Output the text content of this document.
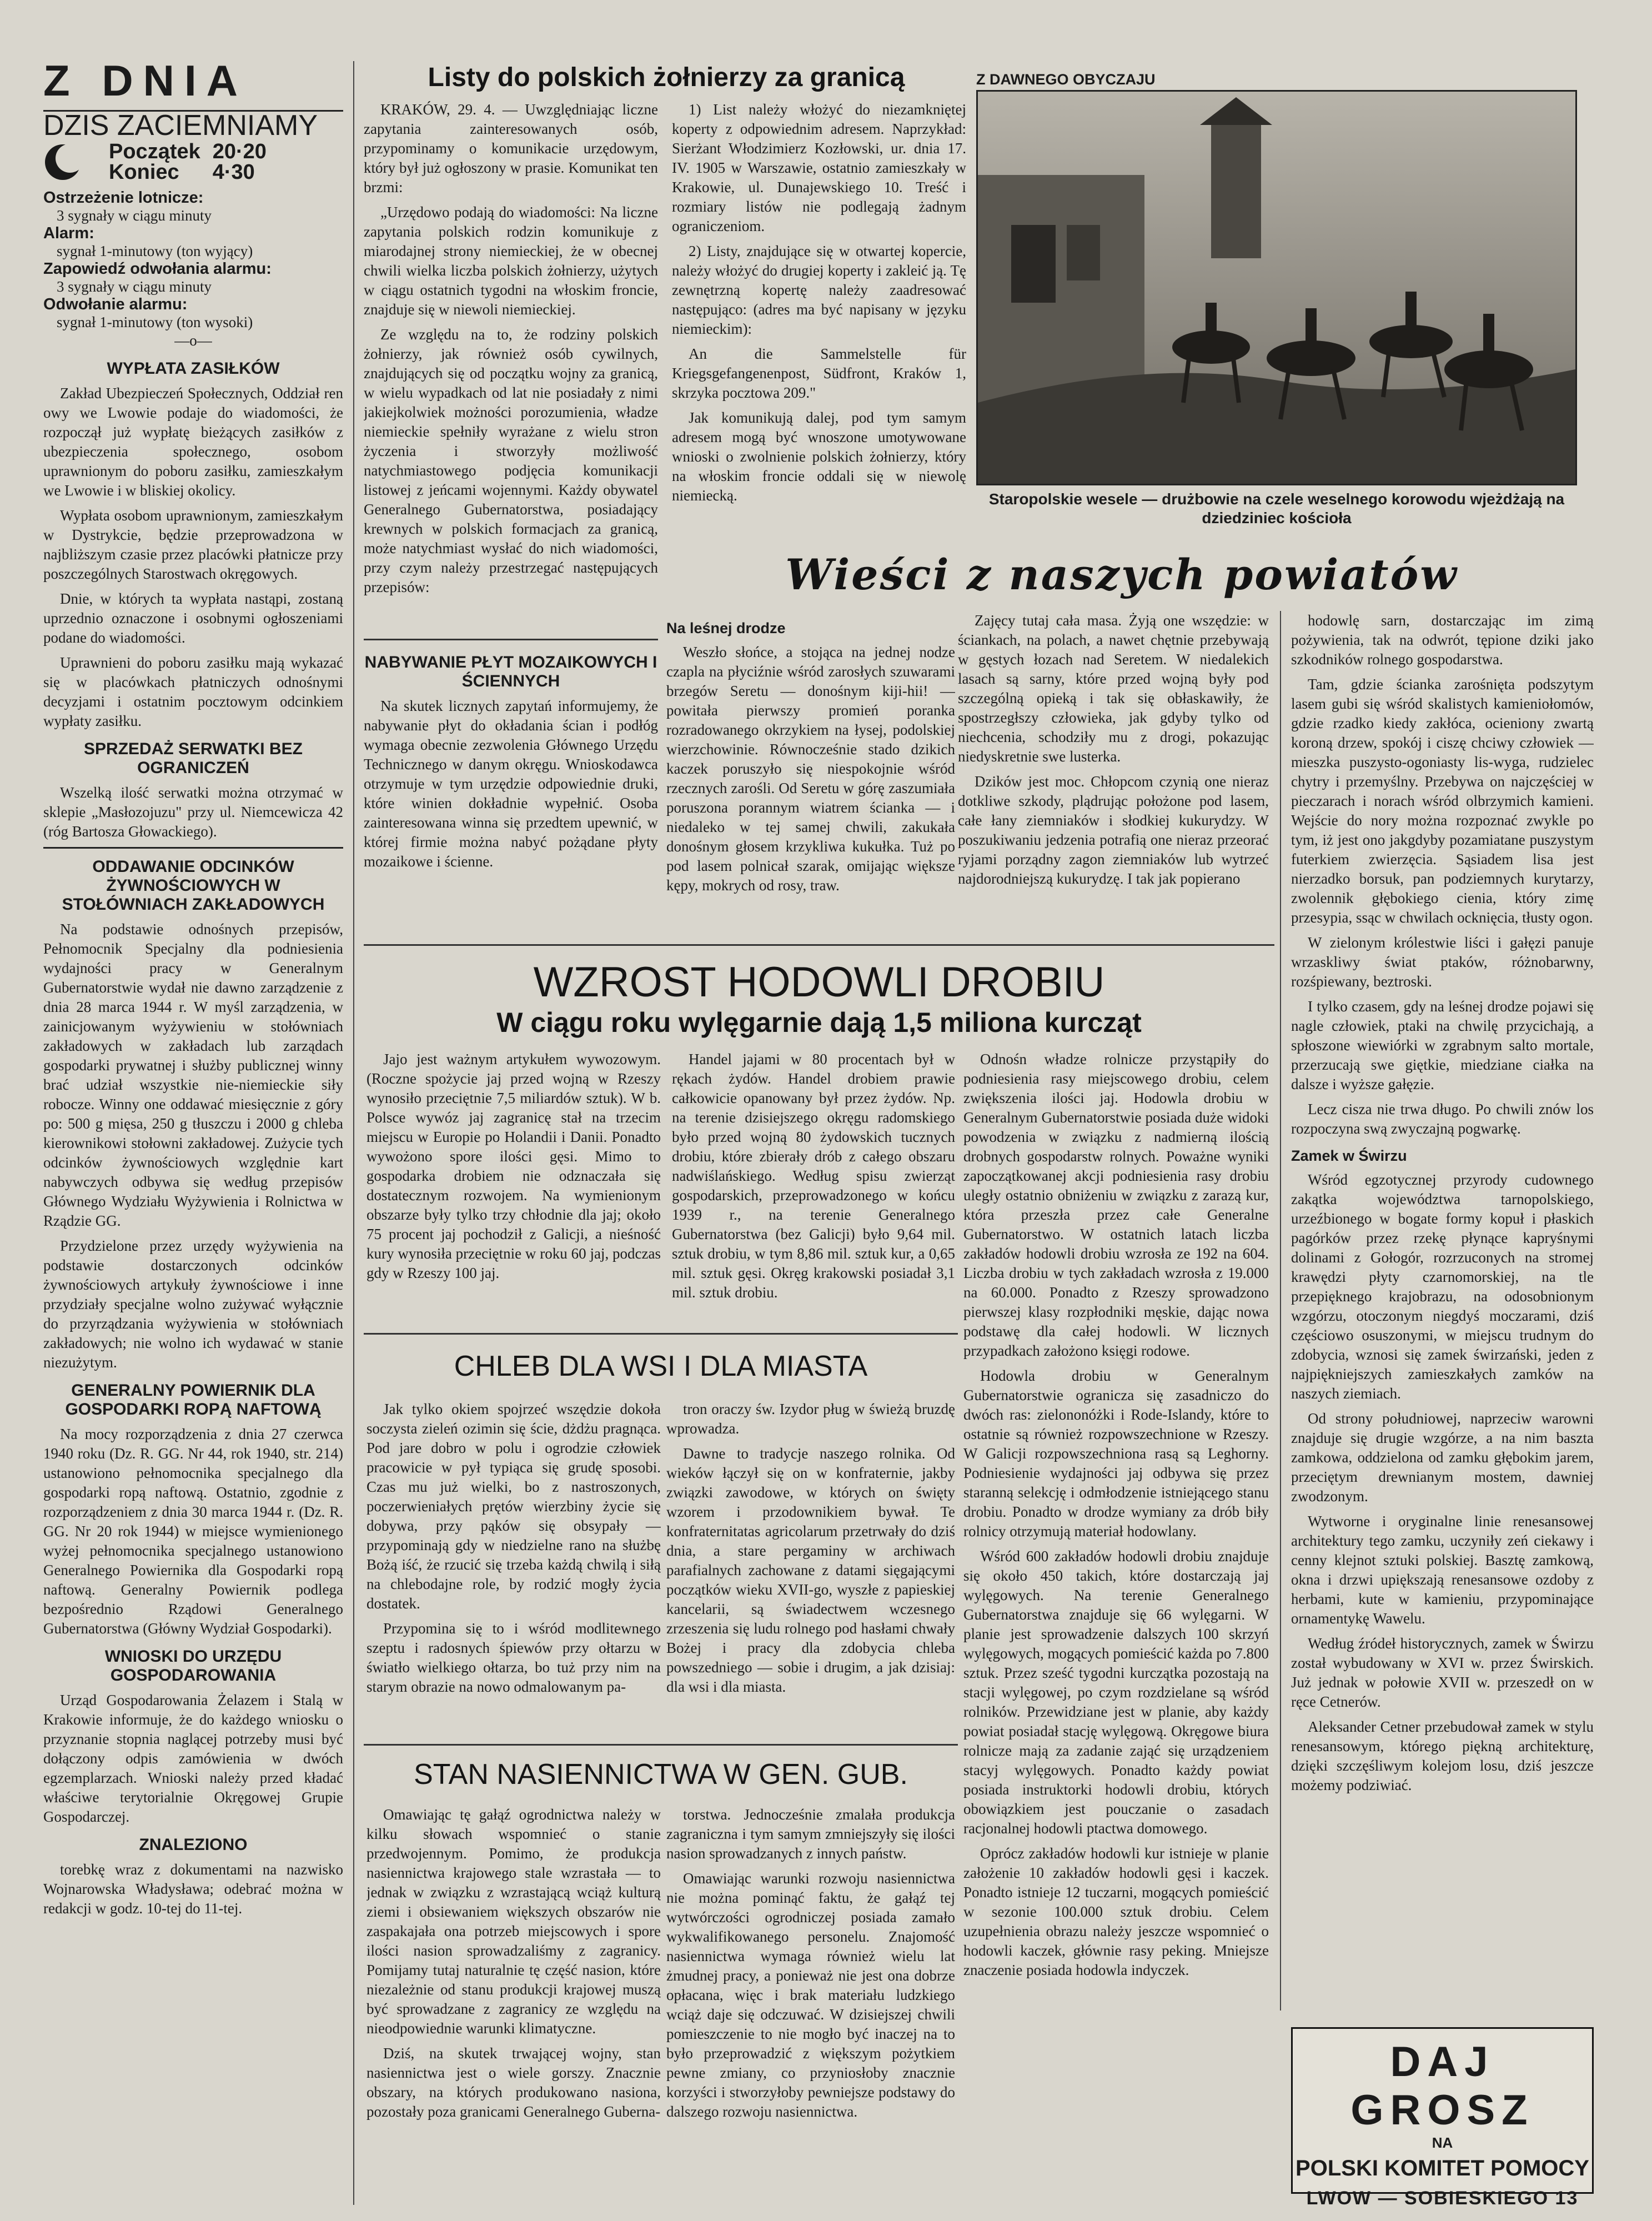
Z DNIA

DZIS ZACIEMNIAMY

Początek	20·20
Koniec	4·30
Ostrzeżenie lotnicze:
3 sygnały w ciągu minuty
Alarm:
sygnał 1-minutowy (ton wyjący)
Zapowiedź odwołania alarmu:
3 sygnały w ciągu minuty
Odwołanie alarmu:
sygnał 1-minutowy (ton wysoki)
—o—
WYPŁATA ZASIŁKÓW

Zakład Ubezpieczeń Społecznych, Oddział ren owy we Lwowie podaje do wiadomości, że rozpoczął już wypłatę bieżących zasiłków z ubezpieczenia społecznego, osobom uprawnionym do poboru zasiłku, zamieszkałym we Lwowie i w bliskiej okolicy.

Wypłata osobom uprawnionym, zamieszkałym w Dystrykcie, będzie przeprowadzona w najbliższym czasie przez placówki płatnicze przy poszczególnych Starostwach okręgowych.

Dnie, w których ta wypłata nastąpi, zostaną uprzednio oznaczone i osobnymi ogłoszeniami podane do wiadomości.

Uprawnieni do poboru zasiłku mają wykazać się w placówkach płatniczych odnośnymi decyzjami i ostatnim pocztowym odcinkiem wypłaty zasiłku.

SPRZEDAŻ SERWATKI BEZ OGRANICZEŃ

Wszelką ilość serwatki można otrzymać w sklepie „Masłozojuzu" przy ul. Niemcewicza 42 (róg Bartosza Głowackiego).

ODDAWANIE ODCINKÓW ŻYWNOŚCIOWYCH W STOŁÓWNIACH ZAKŁADOWYCH

Na podstawie odnośnych przepisów, Pełnomocnik Specjalny dla podniesienia wydajności pracy w Generalnym Gubernatorstwie wydał nie dawno zarządzenie z dnia 28 marca 1944 r. W myśl zarządzenia, w zainicjowanym wyżywieniu w stołówniach zakładowych w zakładach lub zarządach gospodarki prywatnej i służby publicznej winny brać udział wszystkie nie-niemieckie siły robocze. Winny one oddawać miesięcznie z góry po: 500 g mięsa, 250 g tłuszczu i 2000 g chleba kierownikowi stołowni zakładowej. Zużycie tych odcinków żywnościowych względnie kart nabywczych odbywa się według przepisów Głównego Wydziału Wyżywienia i Rolnictwa w Rządzie GG.

Przydzielone przez urzędy wyżywienia na podstawie dostarczonych odcinków żywnościowych artykuły żywnościowe i inne przydziały specjalne wolno zużywać wyłącznie do przyrządzania wyżywienia w stołówniach zakładowych; nie wolno ich wydawać w stanie niezużytym.

GENERALNY POWIERNIK DLA GOSPODARKI ROPĄ NAFTOWĄ

Na mocy rozporządzenia z dnia 27 czerwca 1940 roku (Dz. R. GG. Nr 44, rok 1940, str. 214) ustanowiono pełnomocnika specjalnego dla gospodarki ropą naftową. Ostatnio, zgodnie z rozporządzeniem z dnia 30 marca 1944 r. (Dz. R. GG. Nr 20 rok 1944) w miejsce wymienionego wyżej pełnomocnika specjalnego ustanowiono Generalnego Powiernika dla Gospodarki ropą naftową. Generalny Powiernik podlega bezpośrednio Rządowi Generalnego Gubernatorstwa (Główny Wydział Gospodarki).

WNIOSKI DO URZĘDU GOSPODAROWANIA

Urząd Gospodarowania Żelazem i Stalą w Krakowie informuje, że do każdego wniosku o przyznanie stopnia naglącej potrzeby musi być dołączony odpis zamówienia w dwóch egzemplarzach. Wnioski należy przed kładać właściwe terytorialnie Okręgowej Grupie Gospodarczej.

ZNALEZIONO

torebkę wraz z dokumentami na nazwisko Wojnarowska Władysława; odebrać można w redakcji w godz. 10-tej do 11-tej.

Listy do polskich żołnierzy za granicą

KRAKÓW, 29. 4. — Uwzględniając liczne zapytania zainteresowanych osób, przypominamy o komunikacie urzędowym, który był już ogłoszony w prasie. Komunikat ten brzmi:

„Urzędowo podają do wiadomości: Na liczne zapytania polskich rodzin komunikuje z miarodajnej strony niemieckiej, że w obecnej chwili wielka liczba polskich żołnierzy, użytych w ciągu ostatnich tygodni na włoskim froncie, znajduje się w niewoli niemieckiej.

Ze względu na to, że rodziny polskich żołnierzy, jak również osób cywilnych, znajdujących się od początku wojny za granicą, w wielu wypadkach od lat nie posiadały z nimi jakiejkolwiek możności porozumienia, władze niemieckie spełniły wyrażane z wielu stron życzenia i stworzyły możliwość natychmiastowego podjęcia komunikacji listowej z jeńcami wojennymi. Każdy obywatel Generalnego Gubernatorstwa, posiadający krewnych w polskich formacjach za granicą, może natychmiast wysłać do nich wiadomości, przy czym należy przestrzegać następujących przepisów:

1) List należy włożyć do niezamkniętej koperty z odpowiednim adresem. Naprzykład: Sierżant Włodzimierz Kozłowski, ur. dnia 17. IV. 1905 w Warszawie, ostatnio zamieszkały w Krakowie, ul. Dunajewskiego 10. Treść i rozmiary listów nie podlegają żadnym ograniczeniom.

2) Listy, znajdujące się w otwartej kopercie, należy włożyć do drugiej koperty i zakleić ją. Tę zewnętrzną kopertę należy zaadresować następująco: (adres ma być napisany w języku niemieckim):

An die Sammelstelle für Kriegsgefangenenpost, Südfront, Kraków 1, skrzyka pocztowa 209."

Jak komunikują dalej, pod tym samym adresem mogą być wnoszone umotywowane wnioski o zwolnienie polskich żołnierzy, który na włoskim froncie oddali się w niewolę niemiecką.

NABYWANIE PŁYT MOZAIKOWYCH I ŚCIENNYCH

Na skutek licznych zapytań informujemy, że nabywanie płyt do okładania ścian i podłóg wymaga obecnie zezwolenia Głównego Urzędu Technicznego w danym okręgu. Wnioskodawca otrzymuje w tym urzędzie odpowiednie druki, które winien dokładnie wypełnić. Osoba zainteresowana winna się przedtem upewnić, w której firmie można nabyć pożądane płyty mozaikowe i ścienne.

Z DAWNEGO OBYCZAJU
Staropolskie wesele — drużbowie na czele weselnego korowodu wjeżdżają na dziedziniec kościoła
Wieści z naszych powiatów
Na leśnej drodze

Weszło słońce, a stojąca na jednej nodze czapla na płyciźnie wśród zarosłych szuwarami brzegów Seretu — donośnym kiji-hii! — powitała pierwszy promień poranka rozradowanego okrzykiem na łysej, podolskiej wierzchowinie. Równocześnie stado dzikich kaczek poruszyło się niespokojnie wśród rzecznych zarośli. Od Seretu w górę zaszumiała poruszona porannym wiatrem ścianka — i niedaleko w tej samej chwili, zakukała donośnym głosem krzykliwa kukułka. Tuż po pod lasem polnicał szarak, omijając większe kępy, mokrych od rosy, traw.

Zajęcy tutaj cała masa. Żyją one wszędzie: w ściankach, na polach, a nawet chętnie przebywają w gęstych łozach nad Seretem. W niedalekich lasach są sarny, które przed wojną były pod szczególną opieką i tak się obłaskawiły, że spostrzegłszy człowieka, jak gdyby tylko od niechcenia, schodziły mu z drogi, pokazując niedyskretnie swe lusterka.

Dzików jest moc. Chłopcom czynią one nieraz dotkliwe szkody, plądrując położone pod lasem, całe łany ziemniaków i słodkiej kukurydzy. W poszukiwaniu jedzenia potrafią one nieraz przeorać ryjami porządny zagon ziemniaków lub wytrzeć najdorodniejszą kukurydzę. I tak jak popierano

hodowlę sarn, dostarczając im zimą pożywienia, tak na odwrót, tępione dziki jako szkodników rolnego gospodarstwa.

Tam, gdzie ścianka zarośnięta podszytym lasem gubi się wśród skalistych kamieniołomów, gdzie rzadko kiedy zakłóca, ocieniony zwartą koroną drzew, spokój i ciszę chciwy człowiek — mieszka puszysto-ogoniasty lis-wyga, rudzielec chytry i przemyślny. Przebywa on najczęściej w pieczarach i norach wśród olbrzymich kamieni. Wejście do nory można rozpoznać zwykle po tym, iż jest ono jakgdyby pozamiatane puszystym futerkiem zwierzęcia. Sąsiadem lisa jest nierzadko borsuk, pan podziemnych kurytarzy, zwolennik głębokiego cienia, który zimę przesypia, ssąc w chwilach ocknięcia, tłusty ogon.

W zielonym królestwie liści i gałęzi panuje wrzaskliwy świat ptaków, różnobarwny, rozśpiewany, beztroski.

I tylko czasem, gdy na leśnej drodze pojawi się nagle człowiek, ptaki na chwilę przycichają, a spłoszone wiewiórki w zgrabnym salto mortale, przerzucają swe giętkie, miedziane ciałka na dalsze i wyższe gałęzie.

Lecz cisza nie trwa długo. Po chwili znów los rozpoczyna swą zwyczajną pogwarkę.

Zamek w Świrzu

Wśród egzotycznej przyrody cudownego zakątka województwa tarnopolskiego, urzeźbionego w bogate formy kopuł i płaskich pagórków przez rzekę płynące kapryśnymi dolinami z Gołogór, rozrzuconych na stromej krawędzi płyty czarnomorskiej, na tle przepięknego krajobrazu, na odosobnionym wzgórzu, otoczonym niegdyś moczarami, dziś częściowo osuszonymi, w miejscu trudnym do zdobycia, wznosi się zamek świrzański, jeden z najpiękniejszych zamieszkałych zamków na naszych ziemiach.

Od strony południowej, naprzeciw warowni znajduje się drugie wzgórze, a na nim baszta zamkowa, oddzielona od zamku głębokim jarem, przeciętym drewnianym mostem, dawniej zwodzonym.

Wytworne i oryginalne linie renesansowej architektury tego zamku, uczyniły zeń ciekawy i cenny klejnot sztuki polskiej. Basztę zamkową, okna i drzwi upiększają renesansowe ozdoby z herbami, kute w kamieniu, przypominające ornamentykę Wawelu.

Według źródeł historycznych, zamek w Świrzu został wybudowany w XVI w. przez Świrskich. Już jednak w połowie XVII w. przeszedł on w ręce Cetnerów.

Aleksander Cetner przebudował zamek w stylu renesansowym, którego piękną architekturę, dzięki szczęśliwym kolejom losu, dziś jeszcze możemy podziwiać.

WZROST HODOWLI DROBIU
W ciągu roku wylęgarnie dają 1,5 miliona kurcząt

Jajo jest ważnym artykułem wywozowym. (Roczne spożycie jaj przed wojną w Rzeszy wynosiło przeciętnie 7,5 miliardów sztuk). W b. Polsce wywóz jaj zagranicę stał na trzecim miejscu w Europie po Holandii i Danii. Ponadto wywożono spore ilości gęsi. Mimo to gospodarka drobiem nie odznaczała się dostatecznym rozwojem. Na wymienionym obszarze były tylko trzy chłodnie dla jaj; około 75 procent jaj pochodził z Galicji, a nieśność kury wynosiła przeciętnie w roku 60 jaj, podczas gdy w Rzeszy 100 jaj.

Handel jajami w 80 procentach był w rękach żydów. Handel drobiem prawie całkowicie opanowany był przez żydów. Np. na terenie dzisiejszego okręgu radomskiego było przed wojną 80 żydowskich tucznych drobiu, które zbierały drób z całego obszaru nadwiślańskiego. Według spisu zwierząt gospodarskich, przeprowadzonego w końcu 1939 r., na terenie Generalnego Gubernatorstwa (bez Galicji) było 9,64 mil. sztuk drobiu, w tym 8,86 mil. sztuk kur, a 0,65 mil. sztuk gęsi. Okręg krakowski posiadał 3,1 mil. sztuk drobiu.

Odnośn władze rolnicze przystąpiły do podniesienia rasy miejscowego drobiu, celem zwiększenia ilości jaj. Hodowla drobiu w Generalnym Gubernatorstwie posiada duże widoki powodzenia w związku z nadmierną ilością drobnych gospodarstw rolnych. Poważne wyniki zapoczątkowanej akcji podniesienia rasy drobiu uległy ostatnio obniżeniu w związku z zarazą kur, która przeszła przez całe Generalne Gubernatorstwo. W ostatnich latach liczba zakładów hodowli drobiu wzrosła ze 192 na 604. Liczba drobiu w tych zakładach wzrosła z 19.000 na 60.000. Ponadto z Rzeszy sprowadzono pierwszej klasy rozpłodniki męskie, dając nowa podstawę dla całej hodowli. W licznych przypadkach założono księgi rodowe.

Hodowla drobiu w Generalnym Gubernatorstwie ogranicza się zasadniczo do dwóch ras: zielononóżki i Rode-Islandy, które to ostatnie są również rozpowszechnione w Rzeszy. W Galicji rozpowszechniona rasą są Leghorny. Podniesienie wydajności jaj odbywa się przez staranną selekcję i odmłodzenie istniejącego stanu drobiu. Ponadto w drodze wymiany za drób biły rolnicy otrzymują materiał hodowlany.

Wśród 600 zakładów hodowli drobiu znajduje się około 450 takich, które dostarczają jaj wylęgowych. Na terenie Generalnego Gubernatorstwa znajduje się 66 wylęgarni. W planie jest sprowadzenie dalszych 100 skrzyń wylęgowych, mogących pomieścić każda po 7.800 sztuk. Przez sześć tygodni kurczątka pozostają na stacji wylęgowej, po czym rozdzielane są wśród rolników. Przewidziane jest w planie, aby każdy powiat posiadał stację wylęgową. Okręgowe biura rolnicze mają za zadanie zająć się urządzeniem stacyj wylęgowych. Ponadto każdy powiat posiada instruktorki hodowli drobiu, których obowiązkiem jest pouczanie o zasadach racjonalnej hodowli ptactwa domowego.

Oprócz zakładów hodowli kur istnieje w planie założenie 10 zakładów hodowli gęsi i kaczek. Ponadto istnieje 12 tuczarni, mogących pomieścić w sezonie 100.000 sztuk drobiu. Celem uzupełnienia obrazu należy jeszcze wspomnieć o hodowli kaczek, głównie rasy peking. Mniejsze znaczenie posiada hodowla indyczek.

CHLEB DLA WSI I DLA MIASTA

Jak tylko okiem spojrzeć wszędzie dokoła soczysta zieleń ozimin się ście, dżdżu pragnąca. Pod jare dobro w polu i ogrodzie człowiek pracowicie w pył typiąca się grudę sposobi. Czas mu już wielki, bo z nastroszonych, poczerwieniałych prętów wierzbiny życie się dobywa, przy pąków się obsypały — przypominają gdy w niedzielne rano na służbę Bożą iść, że rzucić się trzeba każdą chwilą i siłą na chlebodajne role, by rodzić mogły życia dostatek.

Przypomina się to i wśród modlitewnego szeptu i radosnych śpiewów przy ołtarzu w światło wielkiego ołtarza, bo tuż przy nim na starym obrazie na nowo odmalowanym pa-

tron oraczy św. Izydor pług w świeżą bruzdę wprowadza.

Dawne to tradycje naszego rolnika. Od wieków łączył się on w konfraternie, jakby związki zawodowe, w których on święty wzorem i przodownikiem bywał. Te konfraternitatas agricolarum przetrwały do dziś dnia, a stare pergaminy w archiwach parafialnych zachowane z datami sięgającymi początków wieku XVII-go, wyszłe z papieskiej kancelarii, są świadectwem wczesnego zrzeszenia się ludu rolnego pod hasłami chwały Bożej i pracy dla zdobycia chleba powszedniego — sobie i drugim, a jak dzisiaj: dla wsi i dla miasta.

STAN NASIENNICTWA W GEN. GUB.

Omawiając tę gałąź ogrodnictwa należy w kilku słowach wspomnieć o stanie przedwojennym. Pomimo, że produkcja nasiennictwa krajowego stale wzrastała — to jednak w związku z wzrastającą wciąż kulturą ziemi i obsiewaniem większych obszarów nie zaspakajała ona potrzeb miejscowych i spore ilości nasion sprowadzaliśmy z zagranicy. Pomijamy tutaj naturalnie tę część nasion, które niezależnie od stanu produkcji krajowej muszą być sprowadzane z zagranicy ze względu na nieodpowiednie warunki klimatyczne.

Dziś, na skutek trwającej wojny, stan nasiennictwa jest o wiele gorszy. Znacznie obszary, na których produkowano nasiona, pozostały poza granicami Generalnego Guberna-

torstwa. Jednocześnie zmalała produkcja zagraniczna i tym samym zmniejszyły się ilości nasion sprowadzanych z innych państw.

Omawiając warunki rozwoju nasiennictwa nie można pominąć faktu, że gałąź tej wytwórczości ogrodniczej posiada zamało wykwalifikowanego personelu. Znajomość nasiennictwa wymaga również wielu lat żmudnej pracy, a ponieważ nie jest ona dobrze opłacana, więc i brak materiału ludzkiego wciąż daje się odczuwać. W dzisiejszej chwili pomieszczenie to nie mogło być inaczej na to było przeprowadzić z większym pożytkiem pewne zmiany, co przyniosłoby znacznie korzyści i stworzyłoby pewniejsze podstawy do dalszego rozwoju nasiennictwa.

DAJ GROSZ
NA
POLSKI KOMITET POMOCY
LWOW — SOBIESKIEGO 13
